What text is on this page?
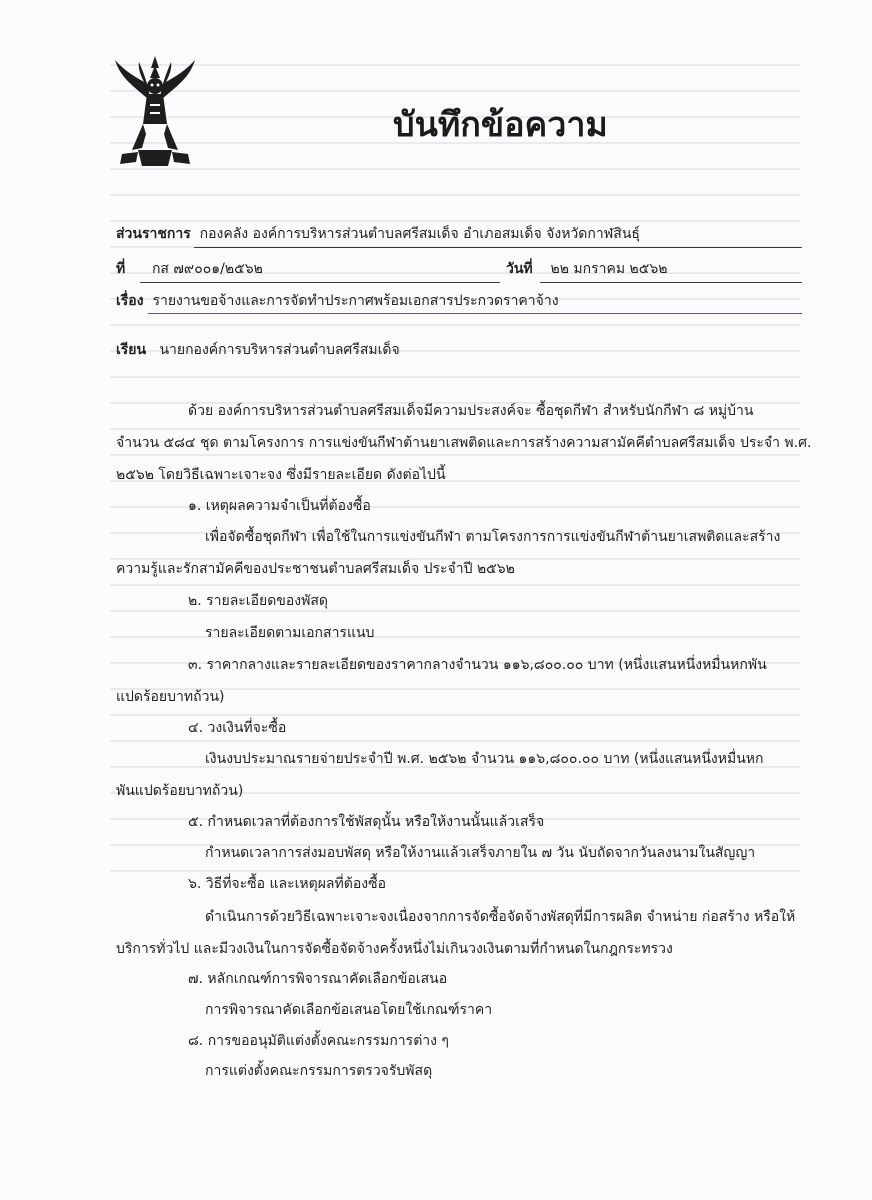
บันทึกข้อความ
ส่วนราชการ กองคลัง องค์การบริหารส่วนตำบลศรีสมเด็จ อำเภอสมเด็จ จังหวัดกาฬสินธุ์
ที่ กส ๗๙๐๐๑/๒๕๖๒	วันที่ ๒๒ มกราคม ๒๕๖๒
เรื่อง รายงานขอจ้างและการจัดทำประกาศพร้อมเอกสารประกวดราคาจ้าง
เรียน นายกองค์การบริหารส่วนตำบลศรีสมเด็จ
ด้วย องค์การบริหารส่วนตำบลศรีสมเด็จมีความประสงค์จะ ซื้อชุดกีฬา สำหรับนักกีฬา ๘ หมู่บ้าน
จำนวน ๕๘๔ ชุด ตามโครงการ การแข่งขันกีฬาต้านยาเสพติดและการสร้างความสามัคคีตำบลศรีสมเด็จ ประจำ พ.ศ.
๒๕๖๒ โดยวิธีเฉพาะเจาะจง ซึ่งมีรายละเอียด ดังต่อไปนี้
๑. เหตุผลความจำเป็นที่ต้องซื้อ
เพื่อจัดซื้อชุดกีฬา เพื่อใช้ในการแข่งขันกีฬา ตามโครงการการแข่งขันกีฬาต้านยาเสพติดและสร้าง
ความรู้และรักสามัคคีของประชาชนตำบลศรีสมเด็จ ประจำปี ๒๕๖๒
๒. รายละเอียดของพัสดุ
รายละเอียดตามเอกสารแนบ
๓. ราคากลางและรายละเอียดของราคากลางจำนวน ๑๑๖,๘๐๐.๐๐ บาท (หนึ่งแสนหนึ่งหมื่นหกพัน
แปดร้อยบาทถ้วน)
๔. วงเงินที่จะซื้อ
เงินงบประมาณรายจ่ายประจำปี พ.ศ. ๒๕๖๒ จำนวน ๑๑๖,๘๐๐.๐๐ บาท (หนึ่งแสนหนึ่งหมื่นหก
พันแปดร้อยบาทถ้วน)
๕. กำหนดเวลาที่ต้องการใช้พัสดุนั้น หรือให้งานนั้นแล้วเสร็จ
กำหนดเวลาการส่งมอบพัสดุ หรือให้งานแล้วเสร็จภายใน ๗ วัน นับถัดจากวันลงนามในสัญญา
๖. วิธีที่จะซื้อ และเหตุผลที่ต้องซื้อ
ดำเนินการด้วยวิธีเฉพาะเจาะจงเนื่องจากการจัดซื้อจัดจ้างพัสดุที่มีการผลิต จำหน่าย ก่อสร้าง หรือให้
บริการทั่วไป และมีวงเงินในการจัดซื้อจัดจ้างครั้งหนึ่งไม่เกินวงเงินตามที่กำหนดในกฎกระทรวง
๗. หลักเกณฑ์การพิจารณาคัดเลือกข้อเสนอ
การพิจารณาคัดเลือกข้อเสนอโดยใช้เกณฑ์ราคา
๘. การขออนุมัติแต่งตั้งคณะกรรมการต่าง ๆ
การแต่งตั้งคณะกรรมการตรวจรับพัสดุ
